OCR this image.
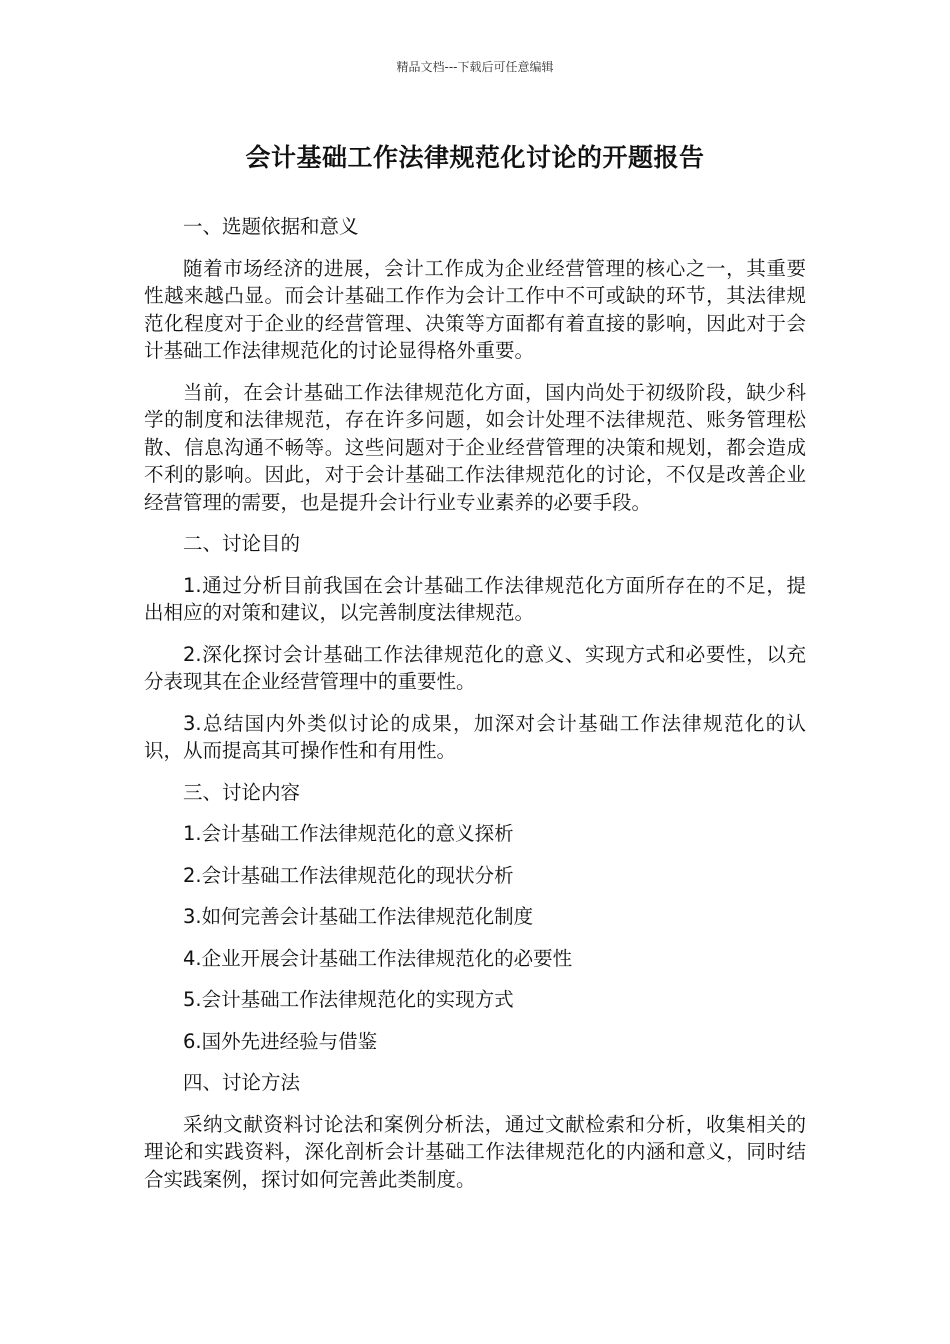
精品文档---下载后可任意编辑
会计基础工作法律规范化讨论的开题报告

一、选题依据和意义

随着市场经济的进展，会计工作成为企业经营管理的核心之一，其重要性越来越凸显。而会计基础工作作为会计工作中不可或缺的环节，其法律规范化程度对于企业的经营管理、决策等方面都有着直接的影响，因此对于会计基础工作法律规范化的讨论显得格外重要。

当前，在会计基础工作法律规范化方面，国内尚处于初级阶段，缺少科学的制度和法律规范，存在许多问题，如会计处理不法律规范、账务管理松散、信息沟通不畅等。这些问题对于企业经营管理的决策和规划，都会造成不利的影响。因此，对于会计基础工作法律规范化的讨论，不仅是改善企业经营管理的需要，也是提升会计行业专业素养的必要手段。

二、讨论目的

1.通过分析目前我国在会计基础工作法律规范化方面所存在的不足，提出相应的对策和建议，以完善制度法律规范。

2.深化探讨会计基础工作法律规范化的意义、实现方式和必要性，以充分表现其在企业经营管理中的重要性。

3.总结国内外类似讨论的成果，加深对会计基础工作法律规范化的认识，从而提高其可操作性和有用性。

三、讨论内容

1.会计基础工作法律规范化的意义探析

2.会计基础工作法律规范化的现状分析

3.如何完善会计基础工作法律规范化制度

4.企业开展会计基础工作法律规范化的必要性

5.会计基础工作法律规范化的实现方式

6.国外先进经验与借鉴

四、讨论方法

采纳文献资料讨论法和案例分析法，通过文献检索和分析，收集相关的理论和实践资料，深化剖析会计基础工作法律规范化的内涵和意义，同时结合实践案例，探讨如何完善此类制度。
